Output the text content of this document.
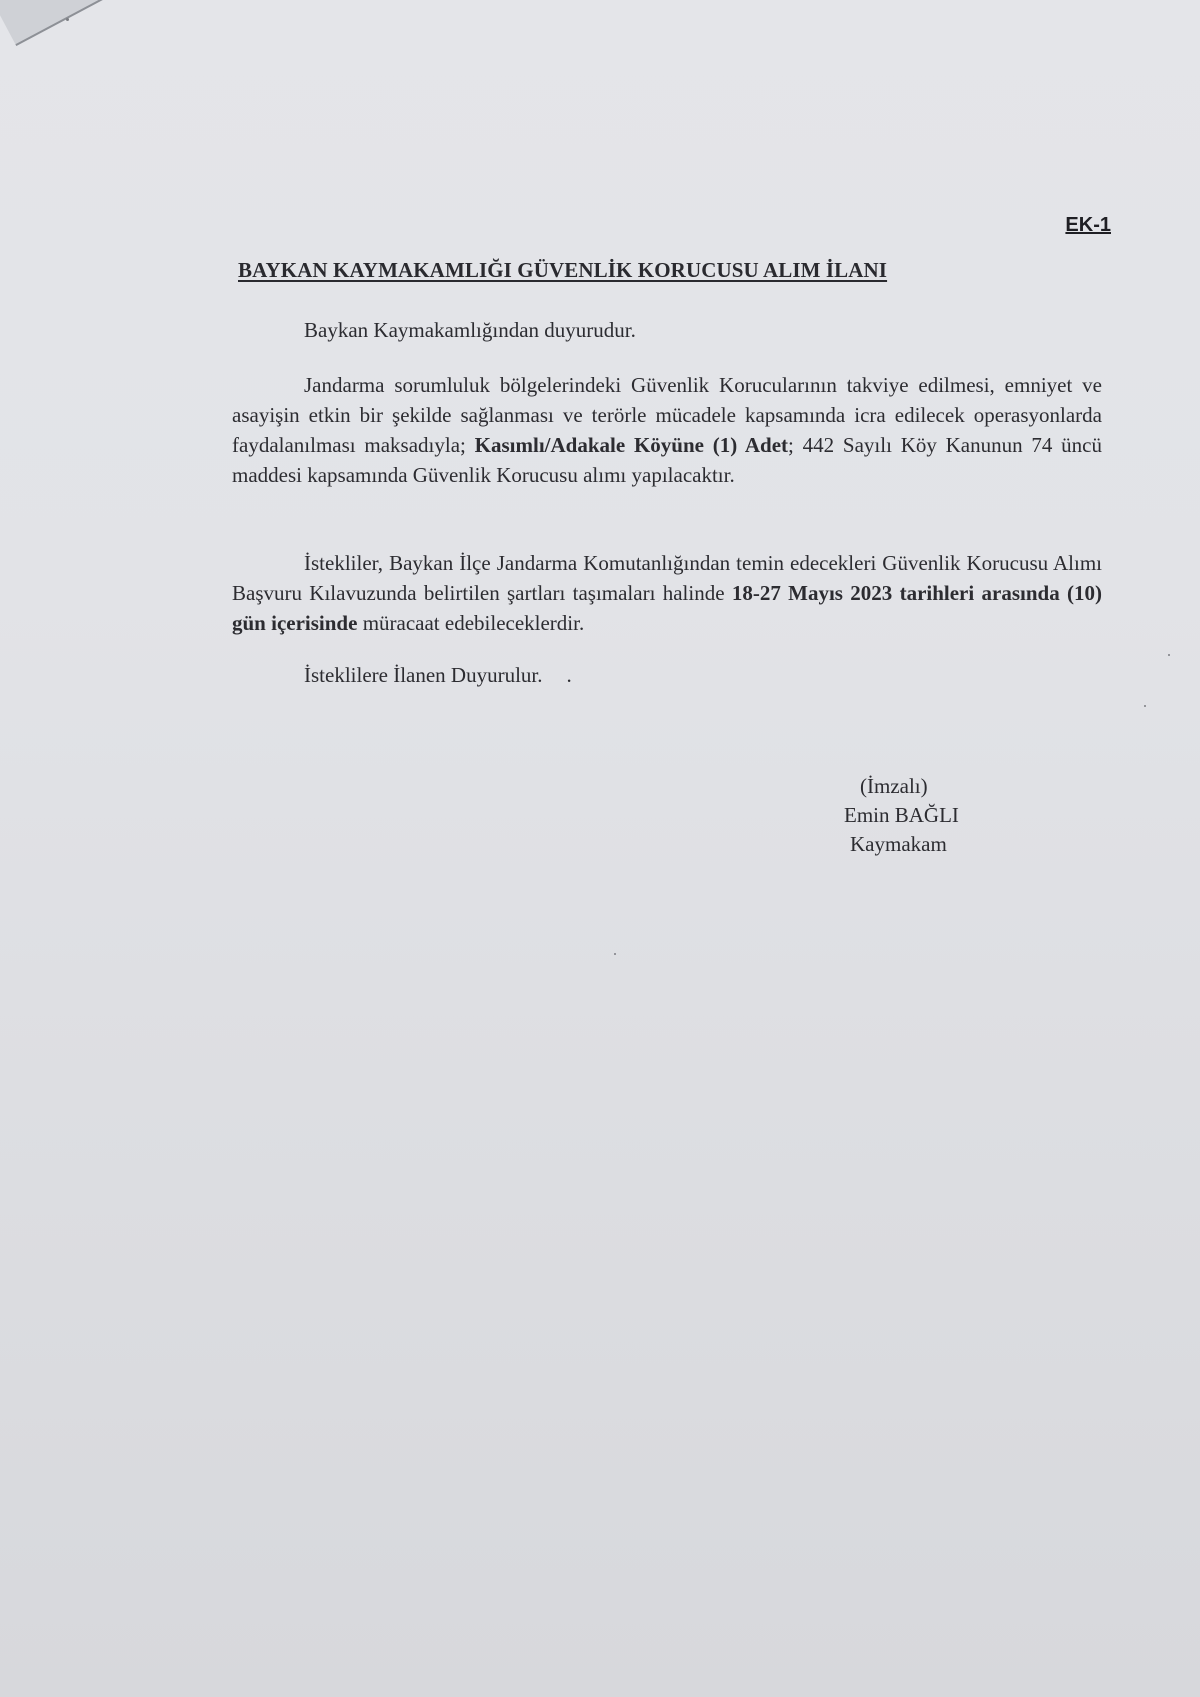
EK-1
BAYKAN KAYMAKAMLIĞI GÜVENLİK KORUCUSU ALIM İLANI
Baykan Kaymakamlığından duyurudur.
Jandarma sorumluluk bölgelerindeki Güvenlik Korucularının takviye edilmesi, emniyet ve asayişin etkin bir şekilde sağlanması ve terörle mücadele kapsamında icra edilecek operasyonlarda faydalanılması maksadıyla; Kasımlı/Adakale Köyüne (1) Adet; 442 Sayılı Köy Kanunun 74 üncü maddesi kapsamında Güvenlik Korucusu alımı yapılacaktır.
İstekliler, Baykan İlçe Jandarma Komutanlığından temin edecekleri Güvenlik Korucusu Alımı Başvuru Kılavuzunda belirtilen şartları taşımaları halinde 18-27 Mayıs 2023 tarihleri arasında (10) gün içerisinde müracaat edebileceklerdir.
İsteklilere İlanen Duyurulur. .
(İmzalı)
Emin BAĞLI
Kaymakam
